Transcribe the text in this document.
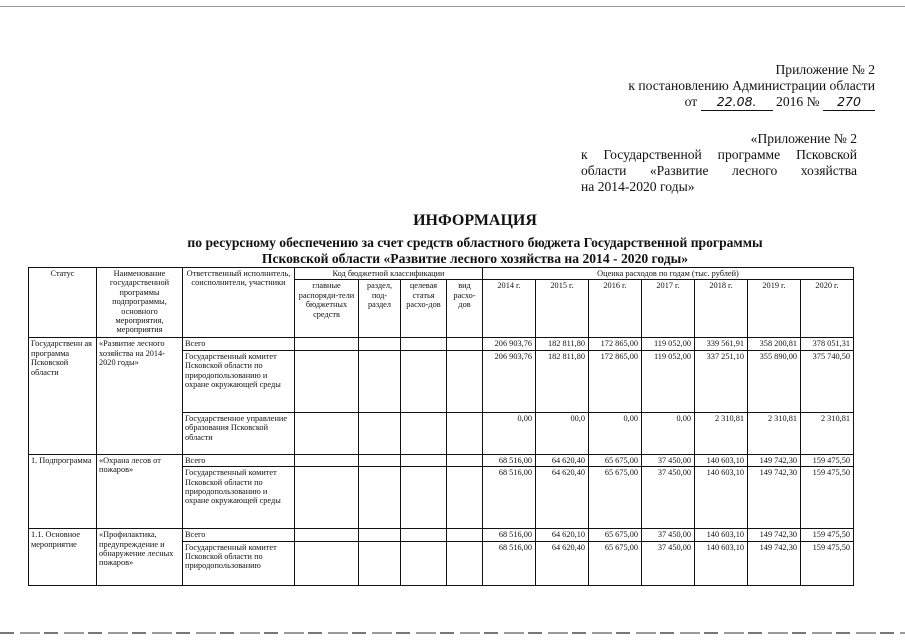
Приложение № 2
к постановлению Администрации области
от 22.08. 2016 № 270
«Приложение № 2
к Государственной программе Псковской
области «Развитие лесного хозяйства
на 2014-2020 годы»
ИНФОРМАЦИЯ
по ресурсному обеспечению за счет средств областного бюджета Государственной программы
Псковской области «Развитие лесного хозяйства на 2014 - 2020 годы»
Статус	Наименование государственной программы подпрограммы, основного мероприятия, мероприятия	Ответственный исполнитель, соисполнители, участники	Код бюджетной классификации				Оценка расходов по годам (тыс. рублей)						
			главные распоряди-тели бюджетных средств	раздел, под-раздел	целевая статья расхо-дов	вид расхо-дов	2014 г.	2015 г.	2016 г.	2017 г.	2018 г.	2019 г.	2020 г.
Государственн ая программа Псковской области	«Развитие лесного хозяйства на 2014-2020 годы»	Всего					206 903,76	182 811,80	172 865,00	119 052,00	339 561,91	358 200,81	378 051,31
		Государственный комитет Псковской области по природопользованию и охране окружающей среды					206 903,76	182 811,80	172 865,00	119 052,00	337 251,10	355 890,00	375 740,50
		Государственное управление образования Псковской области					0,00	00,0	0,00	0,00	2 310,81	2 310,81	2 310,81
1. Подпрограмма	«Охрана лесов от пожаров»	Всего					68 516,00	64 620,40	65 675,00	37 450,00	140 603,10	149 742,30	159 475,50
		Государственный комитет Псковской области по природопользованию и охране окружающей среды					68 516,00	64 620,40	65 675,00	37 450,00	140 603,10	149 742,30	159 475,50
1.1. Основное мероприятие	«Профилактика, предупреждение и обнаружение лесных пожаров»	Всего					68 516,00	64 620,10	65 675,00	37 450,00	140 603,10	149 742,30	159 475,50
		Государственный комитет Псковской области по природопользованию					68 516,00	64 620,40	65 675,00	37 450,00	140 603,10	149 742,30	159 475,50
